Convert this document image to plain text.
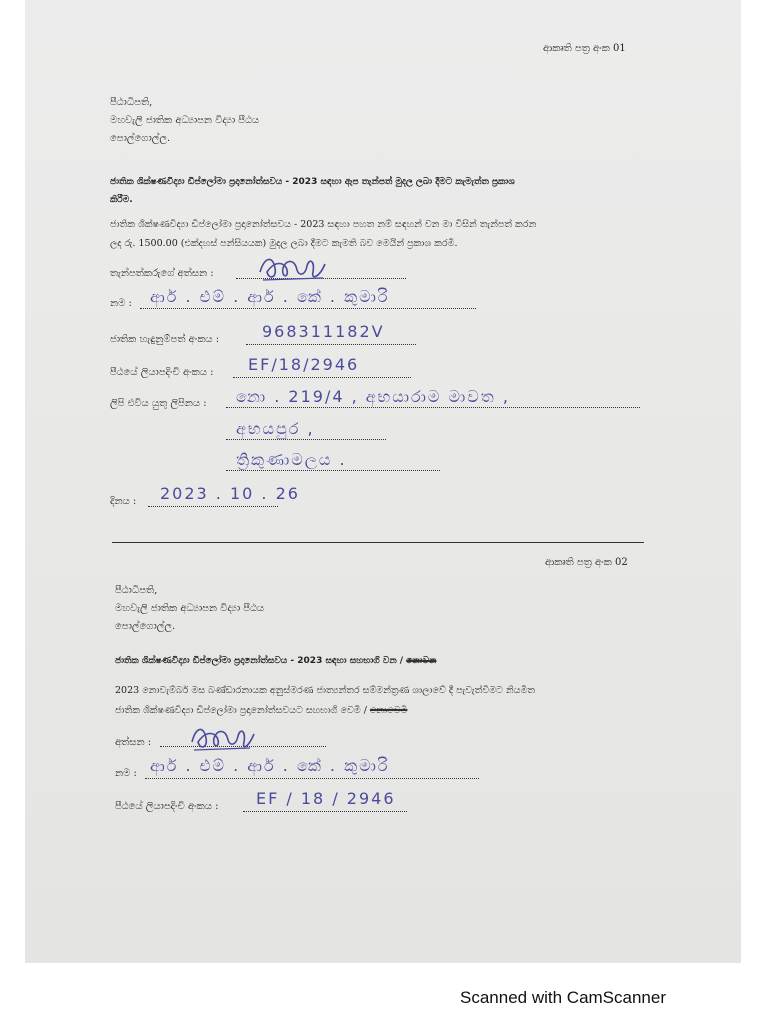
ආකෘති පත්‍ර අංක 01
පීඨාධිපති,
මහවැලි ජාතික අධ්‍යාපන විද්‍යා පීඨය
පොල්ගොල්ල.
ජාතික ශික්ෂණවිද්‍යා ඩිප්ලෝමා ප්‍රදානෝත්සවය - 2023 සඳහා ඇප තැන්පත් මුදල ලබා දීමට කැමැත්ත ප්‍රකාශ
කිරීම.
ජාතික ශික්ෂණවිද්‍යා ඩිප්ලෝමා ප්‍රදානෝත්සවය - 2023 සඳහා පහත නම් සඳහන් වන මා විසින් තැන්පත් කරන
ලද රු. 1500.00 (එක්දහස් පන්සියයක) මුදල ලබා දීමට කැමති බව මෙයින් ප්‍රකාශ කරමි.
තැන්පත්කරුගේ අත්සන :
නම : ආර් . එම් . ආර් . කේ . කුමාරි
ජාතික හැඳුනුම්පත් අංකය :	968311182V
පීඨයේ ලියාපදිංචි අංකය : EF/18/2946
ලිපි එවිය යුතු ලිපිනය : නො . 219/4 , අභයාරාම මාවත ,
අභයපුර ,
ත්‍රිකුණාමලය .
දිනය : 2023 . 10 . 26
ආකෘති පත්‍ර අංක 02
පීඨාධිපති,
මහවැලි ජාතික අධ්‍යාපන විද්‍යා පීඨය
පොල්ගොල්ල.
ජාතික ශික්ෂණවිද්‍යා ඩිප්ලෝමා ප්‍රදානෝත්සවය - 2023 සඳහා සහභාගි වන / නොවන
2023 නොවැම්බර් මස බණ්ඩාරනායක අනුස්මරණ ජාත්‍යන්තර සම්මන්ත්‍රණ ශාලාවේ දී පැවැත්වීමට නියමිත
ජාතික ශික්ෂණවිද්‍යා ඩිප්ලෝමා ප්‍රදානෝත්සවයට සහභාගි වෙමි / නොවෙමි
අත්සන :
නම : ආර් . එම් . ආර් . කේ . කුමාරි
පීඨයේ ලියාපදිංචි අංකය : EF / 18 / 2946
Scanned with CamScanner
